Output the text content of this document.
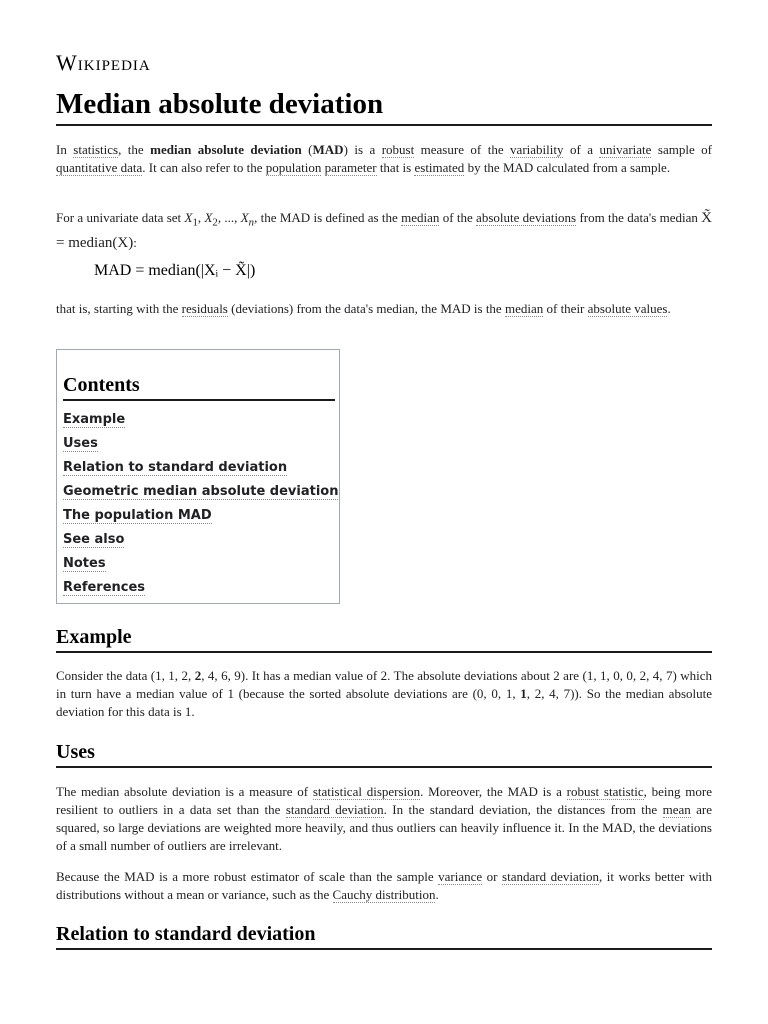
Wikipedia
Median absolute deviation

In statistics, the median absolute deviation (MAD) is a robust measure of the variability of a univariate sample of quantitative data. It can also refer to the population parameter that is estimated by the MAD calculated from a sample.

For a univariate data set $X_1$, $X_2$, ..., $X_n$, the MAD is defined as the median of the absolute deviations from the data's median X̃ = median(X):

MAD = median(|Xᵢ − X̃|)

that is, starting with the residuals (deviations) from the data's median, the MAD is the median of their absolute values.

Contents
Example
Uses
Relation to standard deviation
Geometric median absolute deviation
The population MAD
See also
Notes
References
Example

Consider the data (1, 1, 2, 2, 4, 6, 9). It has a median value of 2. The absolute deviations about 2 are (1, 1, 0, 0, 2, 4, 7) which in turn have a median value of 1 (because the sorted absolute deviations are (0, 0, 1, 1, 2, 4, 7)). So the median absolute deviation for this data is 1.

Uses

The median absolute deviation is a measure of statistical dispersion. Moreover, the MAD is a robust statistic, being more resilient to outliers in a data set than the standard deviation. In the standard deviation, the distances from the mean are squared, so large deviations are weighted more heavily, and thus outliers can heavily influence it. In the MAD, the deviations of a small number of outliers are irrelevant.

Because the MAD is a more robust estimator of scale than the sample variance or standard deviation, it works better with distributions without a mean or variance, such as the Cauchy distribution.

Relation to standard deviation
